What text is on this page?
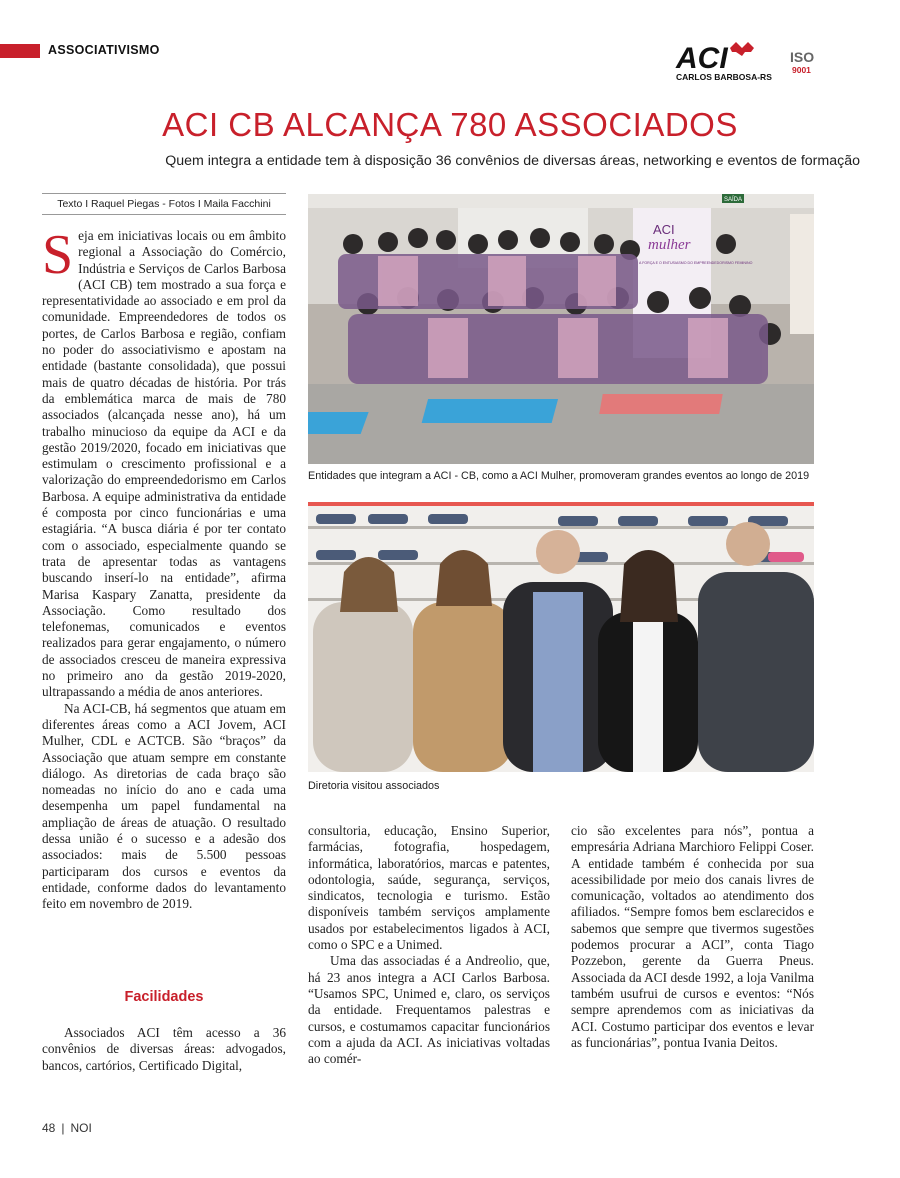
ASSOCIATIVISMO	ACI
CARLOS BARBOSA-RS
ISO
9001
ACI CB ALCANÇA 780 ASSOCIADOS
Quem integra a entidade tem à disposição 36 convênios de diversas áreas, networking e eventos de formação
Texto I Raquel Piegas - Fotos I Maila Facchini
S eja em iniciativas locais ou em âmbito regional a Associação do Comércio, Indústria e Serviços de Carlos Barbosa (ACI CB) tem mostrado a sua força e representatividade ao associado e em prol da comunidade. Empreendedores de todos os portes, de Carlos Barbosa e região, confiam no poder do associativismo e apostam na entidade (bastante consolidada), que possui mais de quatro décadas de história. Por trás da emblemática marca de mais de 780 associados (alcançada nesse ano), há um trabalho minucioso da equipe da ACI e da gestão 2019/2020, focado em iniciativas que estimulam o crescimento profissional e a valorização do empreendedorismo em Carlos Barbosa. A equipe administrativa da entidade é composta por cinco funcionárias e uma estagiária. “A busca diária é por ter contato com o associado, especialmente quando se trata de apresentar todas as vantagens buscando inserí-lo na entidade”, afirma Marisa Kaspary Zanatta, presidente da Associação. Como resultado dos telefonemas, comunicados e eventos realizados para gerar engajamento, o número de associados cresceu de maneira expressiva no primeiro ano da gestão 2019-2020, ultrapassando a média de anos anteriores.

Na ACI-CB, há segmentos que atuam em diferentes áreas como a ACI Jovem, ACI Mulher, CDL e ACTCB. São “braços” da Associação que atuam sempre em constante diálogo. As diretorias de cada braço são nomeadas no início do ano e cada uma desempenha um papel fundamental na ampliação de áreas de atuação. O resultado dessa união é o sucesso e a adesão dos associados: mais de 5.500 pessoas participaram dos cursos e eventos da entidade, conforme dados do levantamento feito em novembro de 2019.

Facilidades

Associados ACI têm acesso a 36 convênios de diversas áreas: advogados, bancos, cartórios, Certificado Digital,

ACI
mulher
A FORÇA E O ENTUSIASMO DO EMPREENDEDORISMO FEMININO
SAÍDA
Entidades que integram a ACI - CB, como a ACI Mulher, promoveram grandes eventos ao longo de 2019
Diretoria visitou associados

consultoria, educação, Ensino Superior, farmácias, fotografia, hospedagem, informática, laboratórios, marcas e patentes, odontologia, saúde, segurança, serviços, sindicatos, tecnologia e turismo. Estão disponíveis também serviços amplamente usados por estabelecimentos ligados à ACI, como o SPC e a Unimed.

Uma das associadas é a Andreolio, que, há 23 anos integra a ACI Carlos Barbosa. “Usamos SPC, Unimed e, claro, os serviços da entidade. Frequentamos palestras e cursos, e costumamos capacitar funcionários com a ajuda da ACI. As iniciativas voltadas ao comér-

cio são excelentes para nós”, pontua a empresária Adriana Marchioro Felippi Coser. A entidade também é conhecida por sua acessibilidade por meio dos canais livres de comunicação, voltados ao atendimento dos afiliados. “Sempre fomos bem esclarecidos e sabemos que sempre que tivermos sugestões podemos procurar a ACI”, conta Tiago Pozzebon, gerente da Guerra Pneus. Associada da ACI desde 1992, a loja Vanilma também usufrui de cursos e eventos: “Nós sempre aprendemos com as iniciativas da ACI. Costumo participar dos eventos e levar as funcionárias”, pontua Ivania Deitos.

48 | NOI
